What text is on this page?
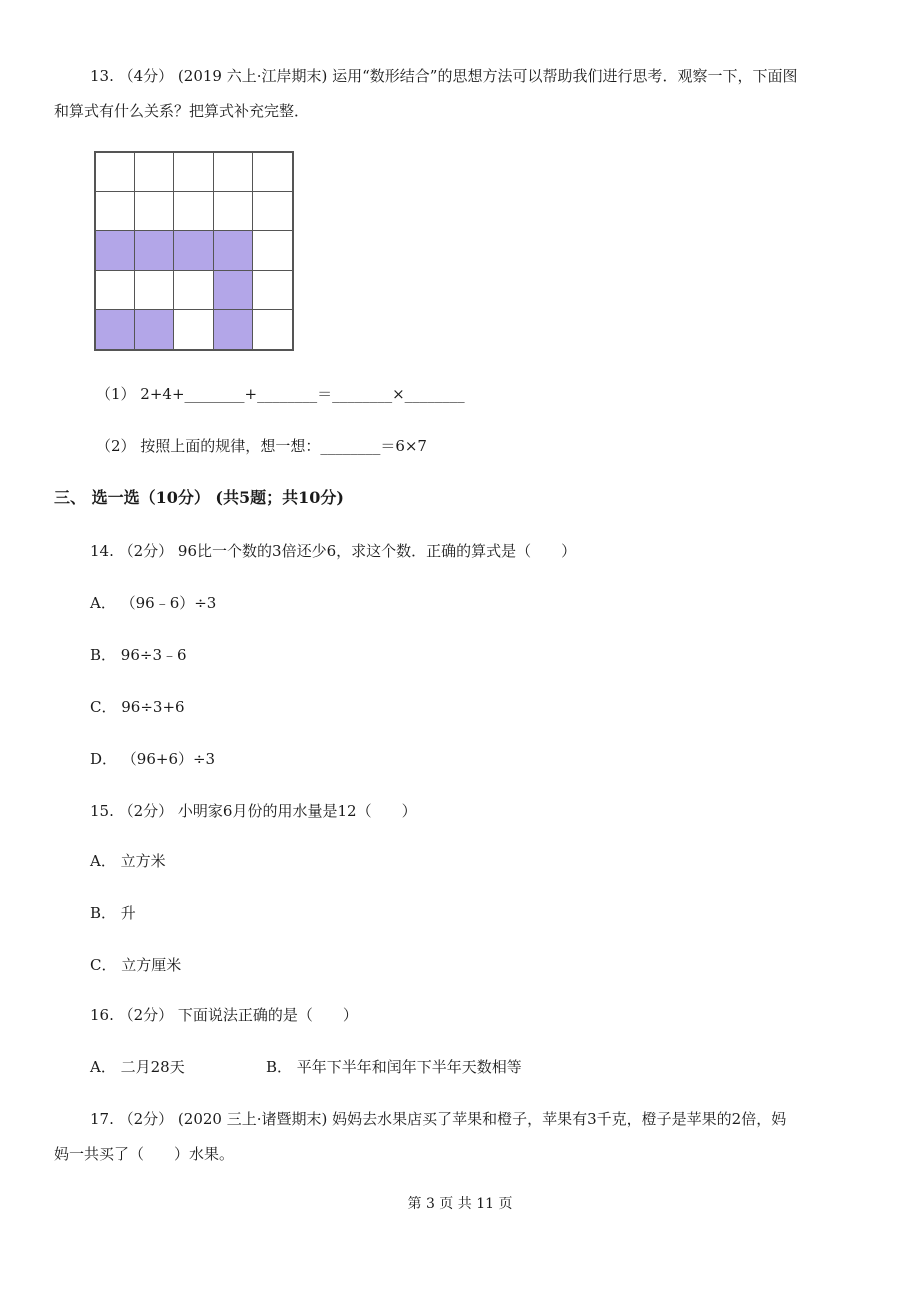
13. （4分） (2019 六上·江岸期末) 运用“数形结合”的思想方法可以帮助我们进行思考．观察一下，下面图
和算式有什么关系？把算式补充完整．
（1） 2+4+________+________＝________×________
（2） 按照上面的规律，想一想：________＝6×7
三、 选一选（10分） (共5题；共10分)
14. （2分） 96比一个数的3倍还少6，求这个数．正确的算式是（　　）
A． （96﹣6）÷3
B． 96÷3﹣6
C． 96÷3+6
D． （96+6）÷3
15. （2分） 小明家6月份的用水量是12（　　）
A． 立方米
B． 升
C． 立方厘米
16. （2分） 下面说法正确的是（　　）
A． 二月28天	B． 平年下半年和闰年下半年天数相等
17. （2分） (2020 三上·诸暨期末) 妈妈去水果店买了苹果和橙子，苹果有3千克，橙子是苹果的2倍，妈
妈一共买了（　　）水果。
第 3 页 共 11 页
